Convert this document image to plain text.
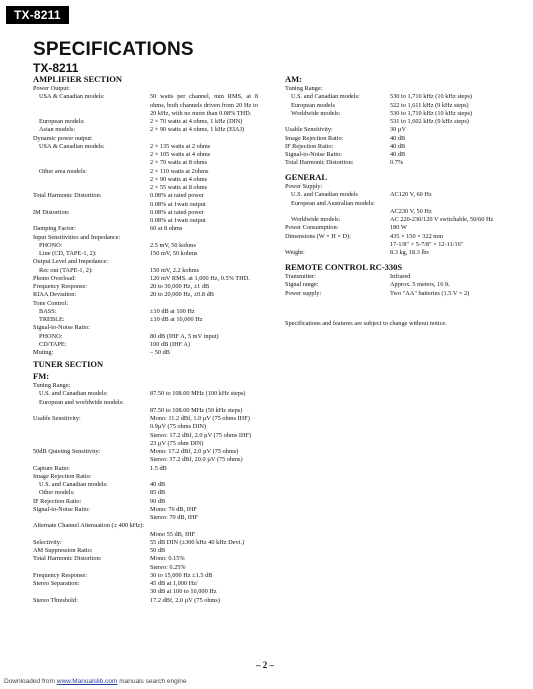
TX-8211
SPECIFICATIONS
TX-8211
AMPLIFIER SECTION
Power Output:
USA & Canadian models:	50 watts per channel, min RMS, at 8 ohms, both channels driven from 20 Hz to 20 kHz, with no more than 0.08% THD.
European models:	2 × 70 watts at 4 ohms, 1 kHz (DIN)
Asian models:	2 × 90 watts at 4 ohms, 1 kHz (EIAJ)
Dynamic power output:
USA & Canadian models:	2 × 135 watts at 2 ohms
2 × 105 watts at 4 ohms
2 × 70 watts at 8 ohms
Other area models:	2 × 110 watts at 2ohms
2 × 90 watts at 4 ohms
2 × 55 watts at 8 ohms
Total Harmonic Distortion:	0.08% at rated power
0.08% at 1watt output
IM Distortion:	0.08% at rated power
0.08% at 1watt output
Damping Factor:	60 at 8 ohms
Input Sensitivities and Impedance:
PHONO:	2.5 mV, 50 kohms
Line (CD, TAPE-1, 2):	150 mV, 50 kohms
Output Level and Impedance:
Rec out (TAPE-1, 2):	150 mV, 2.2 kohms
Phono Overload:	120 mV RMS. at 1,000 Hz, 0.5% THD.
Frequency Response:	20 to 30,000 Hz, ±1 dB
RIAA Deviation:	20 to 20,000 Hz, ±0.8 dB
Tone Control:
BASS:	±10 dB at 100 Hz
TREBLE:	±10 dB at 10,000 Hz
Signal-to-Noise Ratio:
PHONO:	80 dB (IHF A, 5 mV input)
CD/TAPE:	100 dB (IHF A)
Muting:	– 50 dB
TUNER SECTION
FM:
Tuning Range:
U.S. and Canadian models:	87.50 to 108.00 MHz (100 kHz steps)
European and worldwide models:
87.50 to 108.00 MHz (50 kHz steps)
Usable Sensitivity:	Mono: 11.2 dBf, 1.0 µV (75 ohms IHF)
0.9µV (75 ohms DIN)
Stereo: 17.2 dBf, 2.0 µV (75 ohms IHF)
23 µV (75 ohm DIN)
50dB Quieting Sensitivity:	Mono: 17.2 dBf, 2.0 µV (75 ohms)
Stereo: 37.2 dBf, 20.0 µV (75 ohms)
Capture Ratio:	1.5 dB
Image Rejection Ratio:
U.S. and Canadian models:	40 dB
Other models:	85 dB
IF Rejection Ratio:	90 dB
Signal-to-Noise Ratio:	Mono: 76 dB, IHF
Stereo: 70 dB, IHF
Alternate Channel Attenuation (± 400 kHz):
Mono 55 dB, IHF
Selectivity:	55 dB DIN (±300 kHz 40 kHz Devi.)
AM Suppression Ratio:	50 dB
Total Harmonic Distortion:	Mono: 0.15%
Stereo: 0.25%
Frequency Response:	30 to 15,000 Hz ±1.5 dB
Stereo Separation:	45 dB at 1,000 Hz/
30 dB at 100 to 10,000 Hz
Stereo Threshold:	17.2 dBf, 2.0 µV (75 ohms)
AM:
Tuning Range:
U.S. and Canadian models:	530 to 1,710 kHz (10 kHz steps)
European models	522 to 1,611 kHz (9 kHz steps)
Worldwide models:	530 to 1,710 kHz (10 kHz steps)
531 to 1,602 kHz (9 kHz steps)
Usable Sensitivity:	30 µV
Image Rejection Ratio:	40 dB
IF Rejection Ratio:	40 dB
Signal-to-Noise Ratio:	40 dB
Total Harmonic Distortion:	0.7%
GENERAL
Power Supply:
U.S. and Canadian models	AC120 V, 60 Hz
European and Australian models:
AC230 V, 50 Hz
Worldwide models:	AC 220-230/120 V switchable, 50/60 Hz
Power Consumption:	180 W
Dimensions (W × H × D):	435 × 150 × 322 mm
17-1/8" × 5-7/8" × 12-11/16"
Weight:	8.3 kg, 18.3 lbs
REMOTE CONTROL RC-330S
Transmitter:	Infrared
Signal range:	Approx. 5 meters, 16 ft.
Power supply:	Two "AA" batteries (1.5 V × 2)
Specifications and features are subject to change without notice.
– 2 –
Downloaded from www.Manualslib.com manuals search engine
